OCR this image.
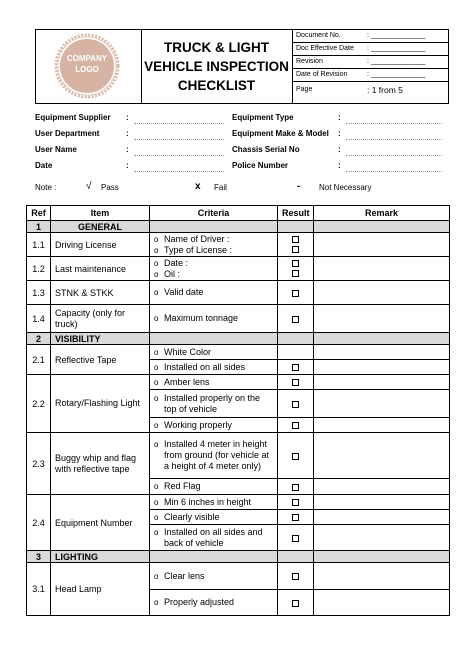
COMPANY
LOGO
TRUCK & LIGHT
VEHICLE INSPECTION
CHECKLIST
Document No.	: ______________
Doc Effective Date : ______________
Revision	: ______________
Date of Revision	: ______________
Page	: 1 from 5
Equipment Supplier :
User Department	:
User Name	:
Date	:
Equipment Type	:
Equipment Make & Model :
Chassis Serial No	:
Police Number	:
Note :	√ Pass	x Fail	- Not Necessary
Ref	Item	Criteria	Result	Remark
1	GENERAL			
1.1	Driving License	o Name of Driver :
o Type of License :		

1.2	Last maintenance	o Date :
o Oil :		

1.3	STNK & STKK	o Valid date		

1.4	Capacity (only for truck)	o Maximum tonnage		

2	VISIBILITY			
2.1	Reflective Tape	o White Color		

		o Installed on all sides		

2.2	Rotary/Flashing Light	o Amber lens		

		o Installed properly on the top of vehicle		

		o Working properly		

2.3	Buggy whip and flag with reflective tape	o Installed 4 meter in height from ground (for vehicle at a height of 4 meter only)		

		o Red Flag		

2.4	Equipment Number	o Min 6 inches in height		

		o Clearly visible		

		o Installed on all sides and back of vehicle		

3	LIGHTING			
3.1	Head Lamp	o Clear lens		

		o Properly adjusted		
